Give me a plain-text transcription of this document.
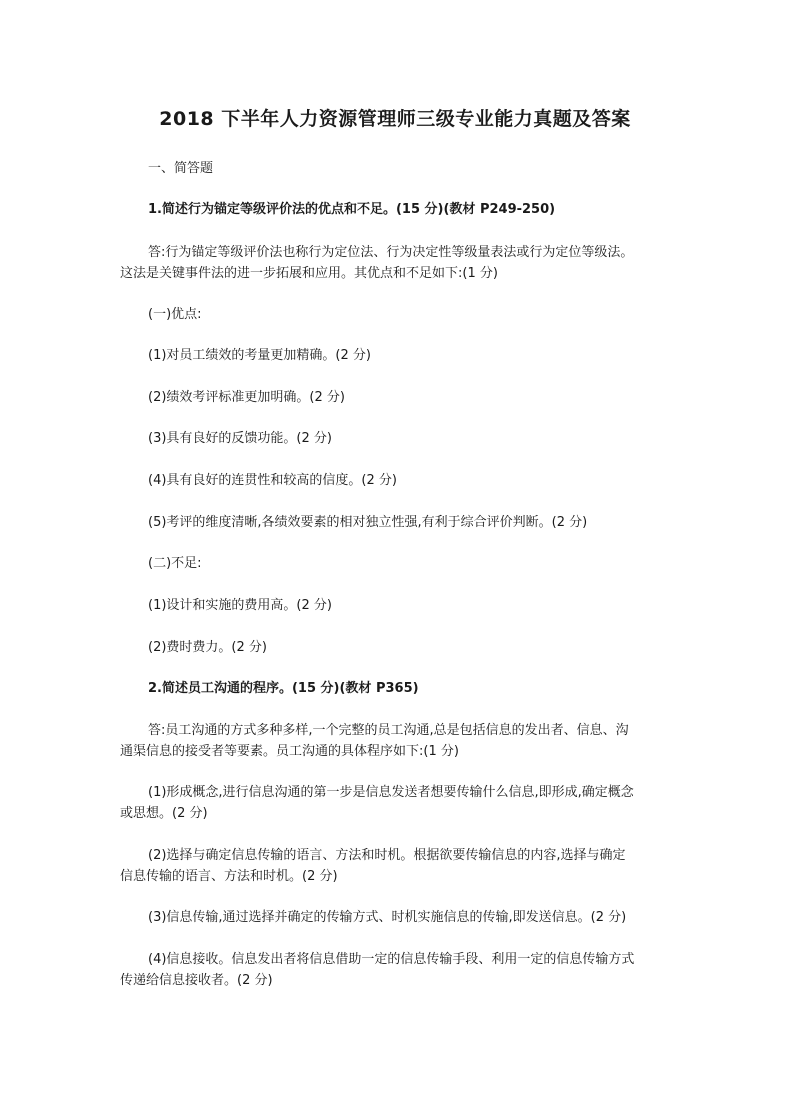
2018 下半年人力资源管理师三级专业能力真题及答案
一、简答题
1.简述行为锚定等级评价法的优点和不足。(15 分)(教材 P249-250)
答:行为锚定等级评价法也称行为定位法、行为决定性等级量表法或行为定位等级法。
这法是关键事件法的进一步拓展和应用。其优点和不足如下:(1 分)
(一)优点:
(1)对员工绩效的考量更加精确。(2 分)
(2)绩效考评标准更加明确。(2 分)
(3)具有良好的反馈功能。(2 分)
(4)具有良好的连贯性和较高的信度。(2 分)
(5)考评的维度清晰,各绩效要素的相对独立性强,有利于综合评价判断。(2 分)
(二)不足:
(1)设计和实施的费用高。(2 分)
(2)费时费力。(2 分)
2.简述员工沟通的程序。(15 分)(教材 P365)
答:员工沟通的方式多种多样,一个完整的员工沟通,总是包括信息的发出者、信息、沟
通渠信息的接受者等要素。员工沟通的具体程序如下:(1 分)
(1)形成概念,进行信息沟通的第一步是信息发送者想要传输什么信息,即形成,确定概念
或思想。(2 分)
(2)选择与确定信息传输的语言、方法和时机。根据欲要传输信息的内容,选择与确定
信息传输的语言、方法和时机。(2 分)
(3)信息传输,通过选择并确定的传输方式、时机实施信息的传输,即发送信息。(2 分)
(4)信息接收。信息发出者将信息借助一定的信息传输手段、利用一定的信息传输方式
传递给信息接收者。(2 分)
